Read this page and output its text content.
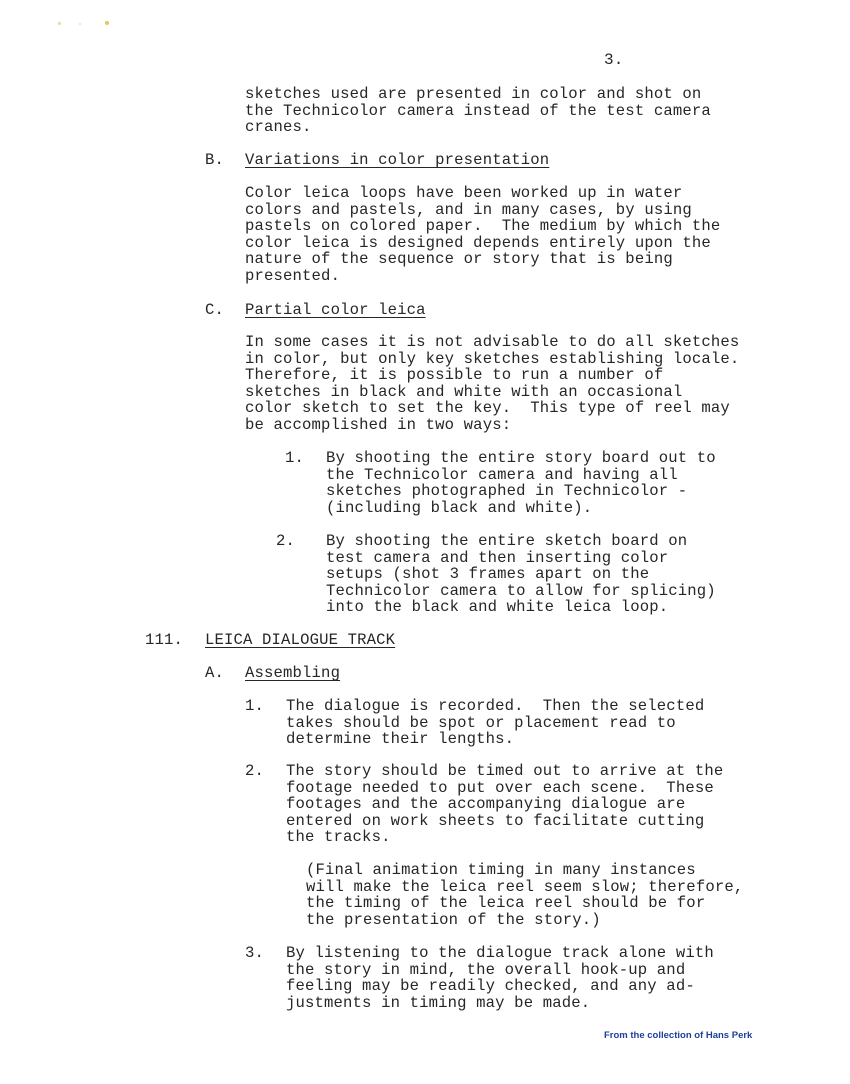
3.

sketches used are presented in color and shot on
the Technicolor camera instead of the test camera
cranes.

B. Variations in color presentation

Color leica loops have been worked up in water
colors and pastels, and in many cases, by using
pastels on colored paper.  The medium by which the
color leica is designed depends entirely upon the
nature of the sequence or story that is being
presented.

C. Partial color leica

In some cases it is not advisable to do all sketches
in color, but only key sketches establishing locale.
Therefore, it is possible to run a number of
sketches in black and white with an occasional
color sketch to set the key.  This type of reel may
be accomplished in two ways:

1. By shooting the entire story board out to
the Technicolor camera and having all
sketches photographed in Technicolor -
(including black and white).

2. By shooting the entire sketch board on
test camera and then inserting color
setups (shot 3 frames apart on the
Technicolor camera to allow for splicing)
into the black and white leica loop.

111. LEICA DIALOGUE TRACK
A. Assembling
1. The dialogue is recorded.  Then the selected
takes should be spot or placement read to
determine their lengths.

2. The story should be timed out to arrive at the
footage needed to put over each scene.  These
footages and the accompanying dialogue are
entered on work sheets to facilitate cutting
the tracks.

(Final animation timing in many instances
will make the leica reel seem slow; therefore,
the timing of the leica reel should be for
the presentation of the story.)

3. By listening to the dialogue track alone with
the story in mind, the overall hook-up and
feeling may be readily checked, and any ad-
justments in timing may be made.

From the collection of Hans Perk
